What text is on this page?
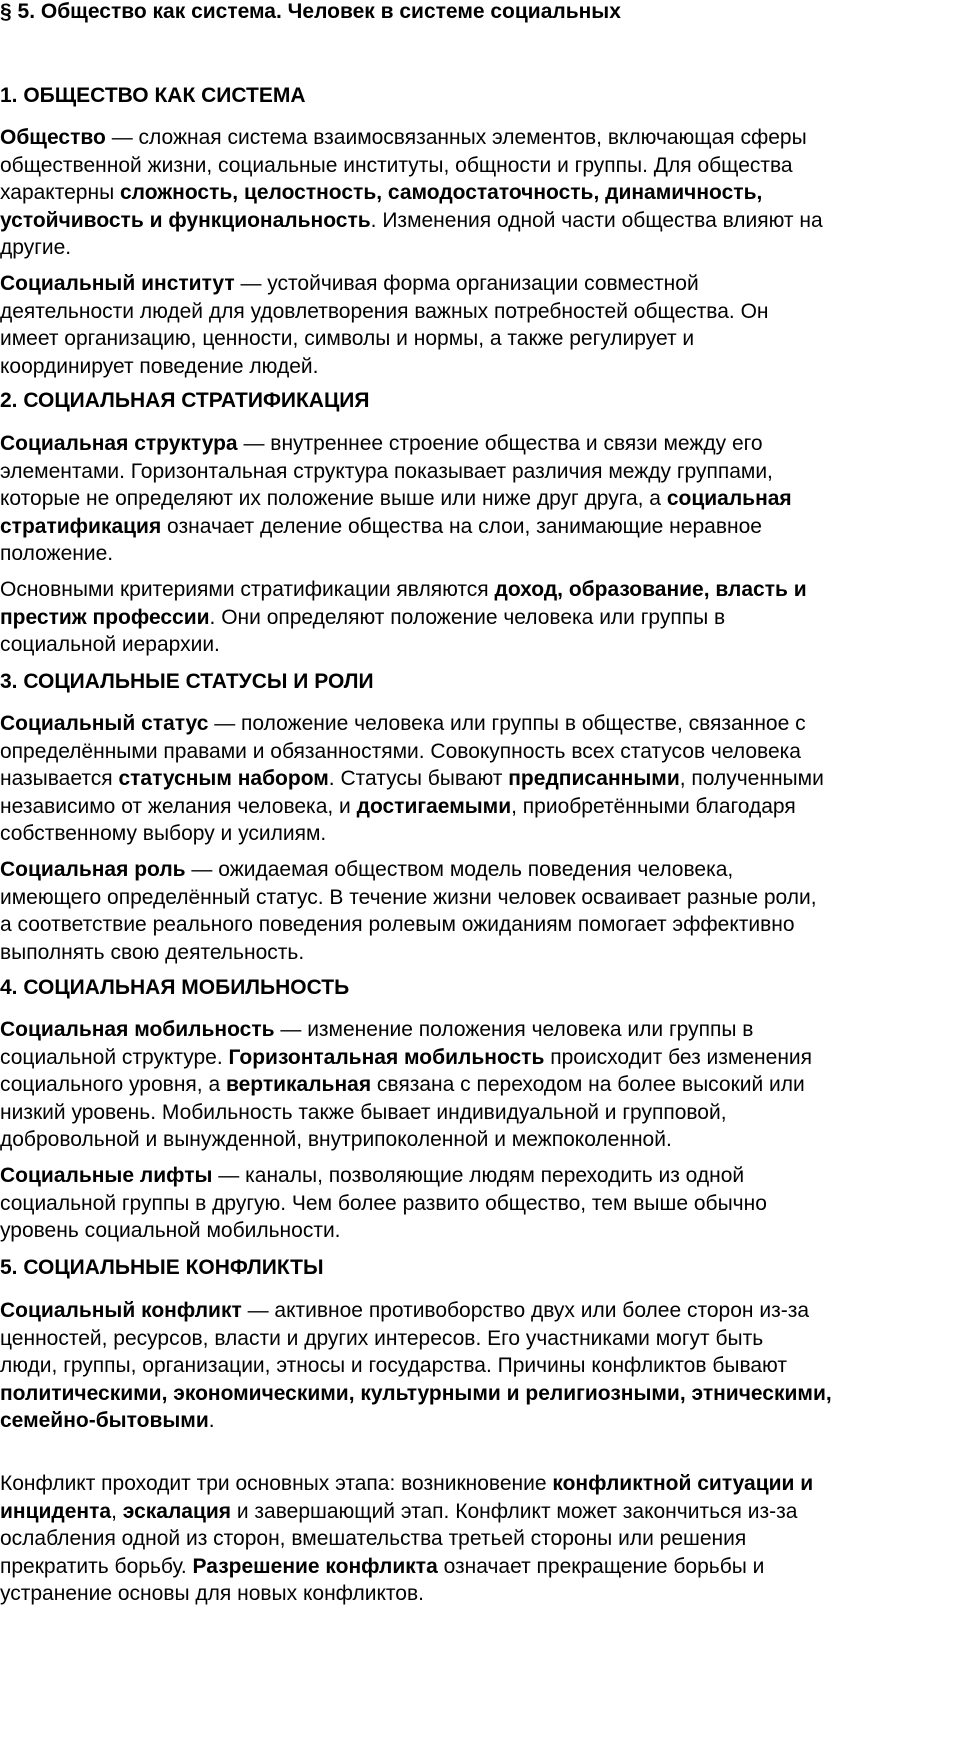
§ 5. Общество как система. Человек в системе социальных
1. ОБЩЕСТВО КАК СИСТЕМА

Общество — сложная система взаимосвязанных элементов, включающая сферы
общественной жизни, социальные институты, общности и группы. Для общества
характерны сложность, целостность, самодостаточность, динамичность,
устойчивость и функциональность. Изменения одной части общества влияют на
другие.

Социальный институт — устойчивая форма организации совместной
деятельности людей для удовлетворения важных потребностей общества. Он
имеет организацию, ценности, символы и нормы, а также регулирует и
координирует поведение людей.

2. СОЦИАЛЬНАЯ СТРАТИФИКАЦИЯ

Социальная структура — внутреннее строение общества и связи между его
элементами. Горизонтальная структура показывает различия между группами,
которые не определяют их положение выше или ниже друг друга, а социальная
стратификация означает деление общества на слои, занимающие неравное
положение.

Основными критериями стратификации являются доход, образование, власть и
престиж профессии. Они определяют положение человека или группы в
социальной иерархии.

3. СОЦИАЛЬНЫЕ СТАТУСЫ И РОЛИ

Социальный статус — положение человека или группы в обществе, связанное с
определёнными правами и обязанностями. Совокупность всех статусов человека
называется статусным набором. Статусы бывают предписанными, полученными
независимо от желания человека, и достигаемыми, приобретёнными благодаря
собственному выбору и усилиям.

Социальная роль — ожидаемая обществом модель поведения человека,
имеющего определённый статус. В течение жизни человек осваивает разные роли,
а соответствие реального поведения ролевым ожиданиям помогает эффективно
выполнять свою деятельность.

4. СОЦИАЛЬНАЯ МОБИЛЬНОСТЬ

Социальная мобильность — изменение положения человека или группы в
социальной структуре. Горизонтальная мобильность происходит без изменения
социального уровня, а вертикальная связана с переходом на более высокий или
низкий уровень. Мобильность также бывает индивидуальной и групповой,
добровольной и вынужденной, внутрипоколенной и межпоколенной.

Социальные лифты — каналы, позволяющие людям переходить из одной
социальной группы в другую. Чем более развито общество, тем выше обычно
уровень социальной мобильности.

5. СОЦИАЛЬНЫЕ КОНФЛИКТЫ

Социальный конфликт — активное противоборство двух или более сторон из-за
ценностей, ресурсов, власти и других интересов. Его участниками могут быть
люди, группы, организации, этносы и государства. Причины конфликтов бывают
политическими, экономическими, культурными и религиозными, этническими,
семейно-бытовыми.

Конфликт проходит три основных этапа: возникновение конфликтной ситуации и
инцидента, эскалация и завершающий этап. Конфликт может закончиться из-за
ослабления одной из сторон, вмешательства третьей стороны или решения
прекратить борьбу. Разрешение конфликта означает прекращение борьбы и
устранение основы для новых конфликтов.
